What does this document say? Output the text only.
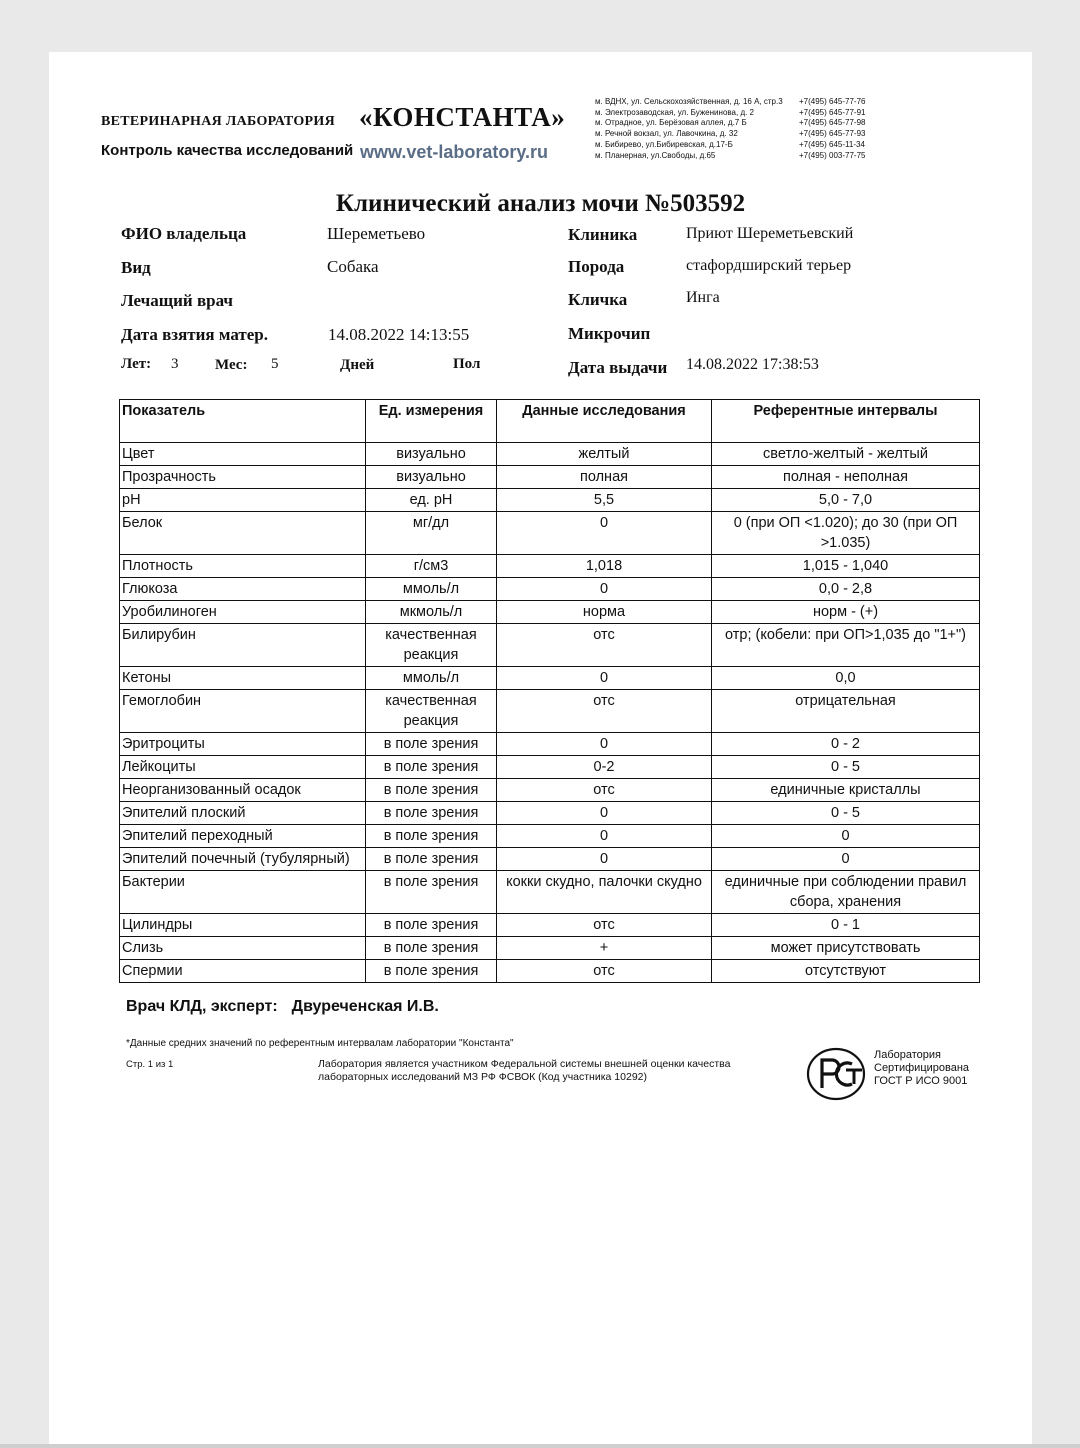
ВЕТЕРИНАРНАЯ ЛАБОРАТОРИЯ «КОНСТАНТА»
Контроль качества исследований www.vet-laboratory.ru
м. ВДНХ, ул. Сельскохозяйственная, д. 16 А, стр.3	+7(495) 645-77-76
м. Электрозаводская, ул. Буженинова, д. 2	+7(495) 645-77-91
м. Отрадное, ул. Берёзовая аллея, д.7 Б	+7(495) 645-77-98
м. Речной вокзал, ул. Лавочкина, д. 32	+7(495) 645-77-93
м. Бибирево, ул.Бибиревская, д.17-Б	+7(495) 645-11-34
м. Планерная, ул.Свободы, д.65	+7(495) 003-77-75
Клинический анализ мочи №503592
ФИО владельца	Шереметьево
Вид	Собака
Лечащий врач
Дата взятия матер.	14.08.2022 14:13:55
Лет: 3 Мес: 5	Дней	Пол
Клиника	Приют Шереметьевский
Порода	стафордширский терьер
Кличка	Инга
Микрочип
Дата выдачи 14.08.2022 17:38:53
Показатель	Ед. измерения	Данные исследования	Референтные интервалы
Цвет	визуально	желтый	светло-желтый - желтый
Прозрачность	визуально	полная	полная - неполная
pH	ед. pH	5,5	5,0 - 7,0
Белок	мг/дл	0	0 (при ОП <1.020); до 30 (при ОП >1.035)
Плотность	г/см3	1,018	1,015 - 1,040
Глюкоза	ммоль/л	0	0,0 - 2,8
Уробилиноген	мкмоль/л	норма	норм - (+)
Билирубин	качественная реакция	отс	отр; (кобели: при ОП>1,035 до "1+")
Кетоны	ммоль/л	0	0,0
Гемоглобин	качественная реакция	отс	отрицательная
Эритроциты	в поле зрения	0	0 - 2
Лейкоциты	в поле зрения	0-2	0 - 5
Неорганизованный осадок	в поле зрения	отс	единичные кристаллы
Эпителий плоский	в поле зрения	0	0 - 5
Эпителий переходный	в поле зрения	0	0
Эпителий почечный (тубулярный)	в поле зрения	0	0
Бактерии	в поле зрения	кокки скудно, палочки скудно	единичные при соблюдении правил сбора, хранения
Цилиндры	в поле зрения	отс	0 - 1
Слизь	в поле зрения	+	может присутствовать
Спермии	в поле зрения	отс	отсутствуют
Врач КЛД, эксперт: Двуреченская И.В.
*Данные средних значений по референтным интервалам лаборатории "Константа"
Стр. 1 из 1	Лаборатория является участником Федеральной системы внешней оценки качества лабораторных исследований МЗ РФ ФСВОК (Код участника 10292)
Лаборатория
Сертифицирована
ГОСТ Р ИСО 9001
